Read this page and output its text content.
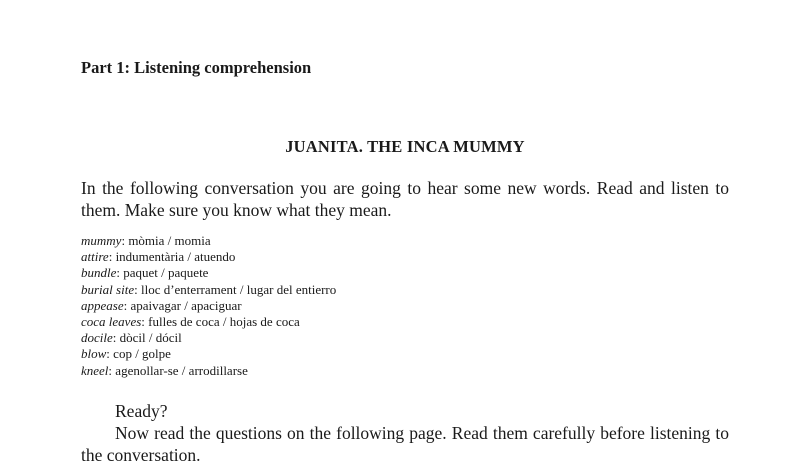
Part 1: Listening comprehension
JUANITA. THE INCA MUMMY

In the following conversation you are going to hear some new words. Read and listen to them. Make sure you know what they mean.

mummy: mòmia / momia
attire: indumentària / atuendo
bundle: paquet / paquete
burial site: lloc d’enterrament / lugar del entierro
appease: apaivagar / apaciguar
coca leaves: fulles de coca / hojas de coca
docile: dòcil / dócil
blow: cop / golpe
kneel: agenollar-se / arrodillarse

Ready?

Now read the questions on the following page. Read them carefully before listening to the conversation.
